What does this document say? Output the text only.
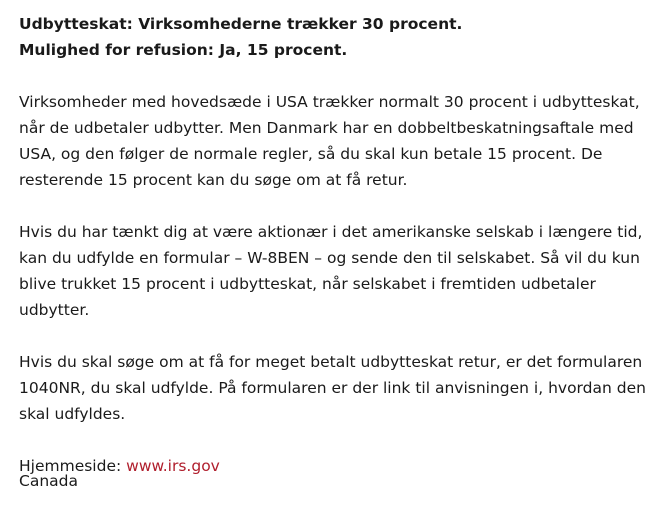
Udbytteskat: Virksomhederne trækker 30 procent.

Mulighed for refusion: Ja, 15 procent.

Virksomheder med hovedsæde i USA trækker normalt 30 procent i udbytteskat, når de udbetaler udbytter. Men Danmark har en dobbeltbeskatningsaftale med USA, og den følger de normale regler, så du skal kun betale 15 procent. De resterende 15 procent kan du søge om at få retur.

Hvis du har tænkt dig at være aktionær i det amerikanske selskab i længere tid, kan du udfylde en formular – W-8BEN – og sende den til selskabet. Så vil du kun blive trukket 15 procent i udbytteskat, når selskabet i fremtiden udbetaler udbytter.

Hvis du skal søge om at få for meget betalt udbytteskat retur, er det formularen 1040NR, du skal udfylde. På formularen er der link til anvisningen i, hvordan den skal udfyldes.

Hjemmeside: www.irs.gov

Canada
